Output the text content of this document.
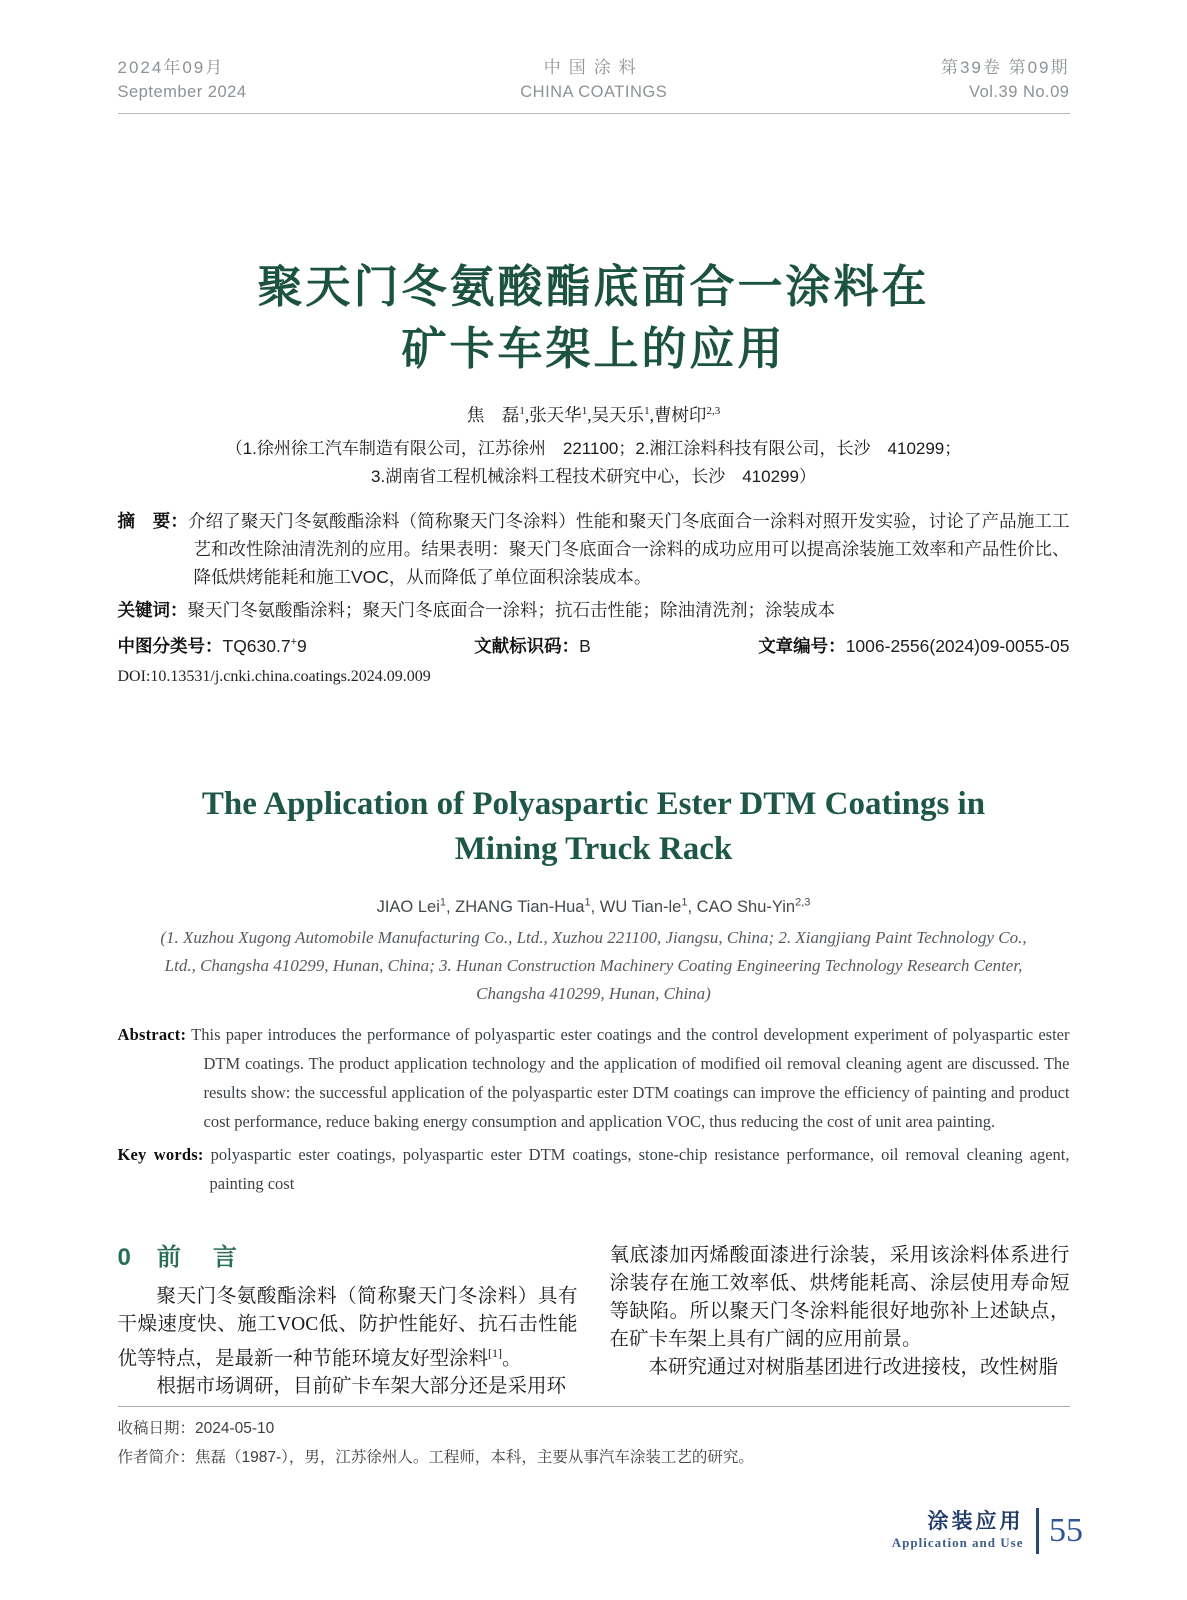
2024年09月
September 2024
中国涂料
CHINA COATINGS
第39卷 第09期
Vol.39 No.09
聚天门冬氨酸酯底面合一涂料在
矿卡车架上的应用
焦　磊$^1$,张天华$^1$,吴天乐$^1$,曹树印$^{2,3}$
（1.徐州徐工汽车制造有限公司，江苏徐州　221100；2.湘江涂料科技有限公司，长沙　410299；
3.湖南省工程机械涂料工程技术研究中心，长沙　410299）
摘　要：介绍了聚天门冬氨酸酯涂料（简称聚天门冬涂料）性能和聚天门冬底面合一涂料对照开发实验，讨论了产品施工工艺和改性除油清洗剂的应用。结果表明：聚天门冬底面合一涂料的成功应用可以提高涂装施工效率和产品性价比、降低烘烤能耗和施工VOC，从而降低了单位面积涂装成本。
关键词：聚天门冬氨酸酯涂料；聚天门冬底面合一涂料；抗石击性能；除油清洗剂；涂装成本
中图分类号：TQ630.7+9	文献标识码：B	文章编号：1006-2556(2024)09-0055-05
DOI:10.13531/j.cnki.china.coatings.2024.09.009
The Application of Polyaspartic Ester DTM Coatings in
Mining Truck Rack
JIAO Lei$^1$, ZHANG Tian-Hua$^1$, WU Tian-$le^1$, CAO Shu-Yin$^{2,3}$
(1. Xuzhou Xugong Automobile Manufacturing Co., Ltd., Xuzhou 221100, Jiangsu, China; 2. Xiangjiang Paint Technology Co.,
Ltd., Changsha 410299, Hunan, China; 3. Hunan Construction Machinery Coating Engineering Technology Research Center,
Changsha 410299, Hunan, China)
Abstract: This paper introduces the performance of polyaspartic ester coatings and the control development experiment of polyaspartic ester DTM coatings. The product application technology and the application of modified oil removal cleaning agent are discussed. The results show: the successful application of the polyaspartic ester DTM coatings can improve the efficiency of painting and product cost performance, reduce baking energy consumption and application VOC, thus reducing the cost of unit area painting.
Key words: polyaspartic ester coatings, polyaspartic ester DTM coatings, stone-chip resistance performance, oil removal cleaning agent, painting cost
0 前　言

聚天门冬氨酸酯涂料（简称聚天门冬涂料）具有干燥速度快、施工VOC低、防护性能好、抗石击性能优等特点，是最新一种节能环境友好型涂料[1]。

根据市场调研，目前矿卡车架大部分还是采用环

氧底漆加丙烯酸面漆进行涂装，采用该涂料体系进行涂装存在施工效率低、烘烤能耗高、涂层使用寿命短等缺陷。所以聚天门冬涂料能很好地弥补上述缺点，在矿卡车架上具有广阔的应用前景。

本研究通过对树脂基团进行改进接枝，改性树脂

收稿日期：2024-05-10
作者简介：焦磊（1987-），男，江苏徐州人。工程师，本科，主要从事汽车涂装工艺的研究。
涂装应用
Application and Use 55
